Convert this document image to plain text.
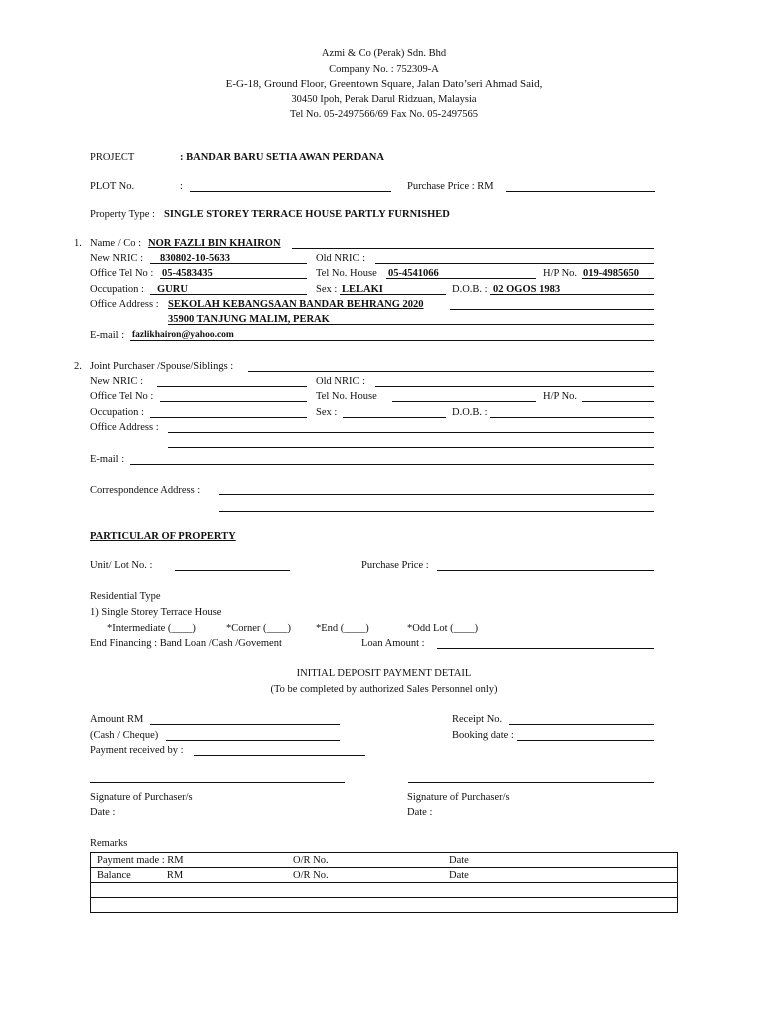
Azmi & Co (Perak) Sdn. Bhd
Company No. : 752309-A
E-G-18, Ground Floor, Greentown Square, Jalan Dato’seri Ahmad Said,
30450 Ipoh, Perak Darul Ridzuan, Malaysia
Tel No. 05-2497566/69 Fax No. 05-2497565
PROJECT	: BANDAR BARU SETIA AWAN PERDANA
PLOT No.	:	Purchase Price : RM
Property Type : SINGLE STOREY TERRACE HOUSE PARTLY FURNISHED
1. Name / Co : NOR FAZLI BIN KHAIRON
New NRIC : 830802-10-5633	Old NRIC :
Office Tel No : 05-4583435	Tel No. House 05-4541066	H/P No. 019-4985650
Occupation : GURU	Sex : LELAKI	D.O.B. : 02 OGOS 1983
Office Address : SEKOLAH KEBANGSAAN BANDAR BEHRANG 2020
35900 TANJUNG MALIM, PERAK
E-mail : fazlikhairon@yahoo.com
2. Joint Purchaser /Spouse/Siblings :
New NRIC :	Old NRIC :
Office Tel No :	Tel No. House	H/P No.
Occupation :	Sex :	D.O.B. :
Office Address :
E-mail :
Correspondence Address :
PARTICULAR OF PROPERTY
Unit/ Lot No. :	Purchase Price :
Residential Type
1) Single Storey Terrace House
*Intermediate (____)	*Corner (____) *End (____)	*Odd Lot (____)
End Financing : Band Loan /Cash /Govement	Loan Amount :
INITIAL DEPOSIT PAYMENT DETAIL
(To be completed by authorized Sales Personnel only)
Amount RM	Receipt No.
(Cash / Cheque)	Booking date :
Payment received by :
Signature of Purchaser/s
Date :
Signature of Purchaser/s
Date :
Remarks
Payment made : RM	O/R No.	Date
Balance RM	O/R No.	Date
